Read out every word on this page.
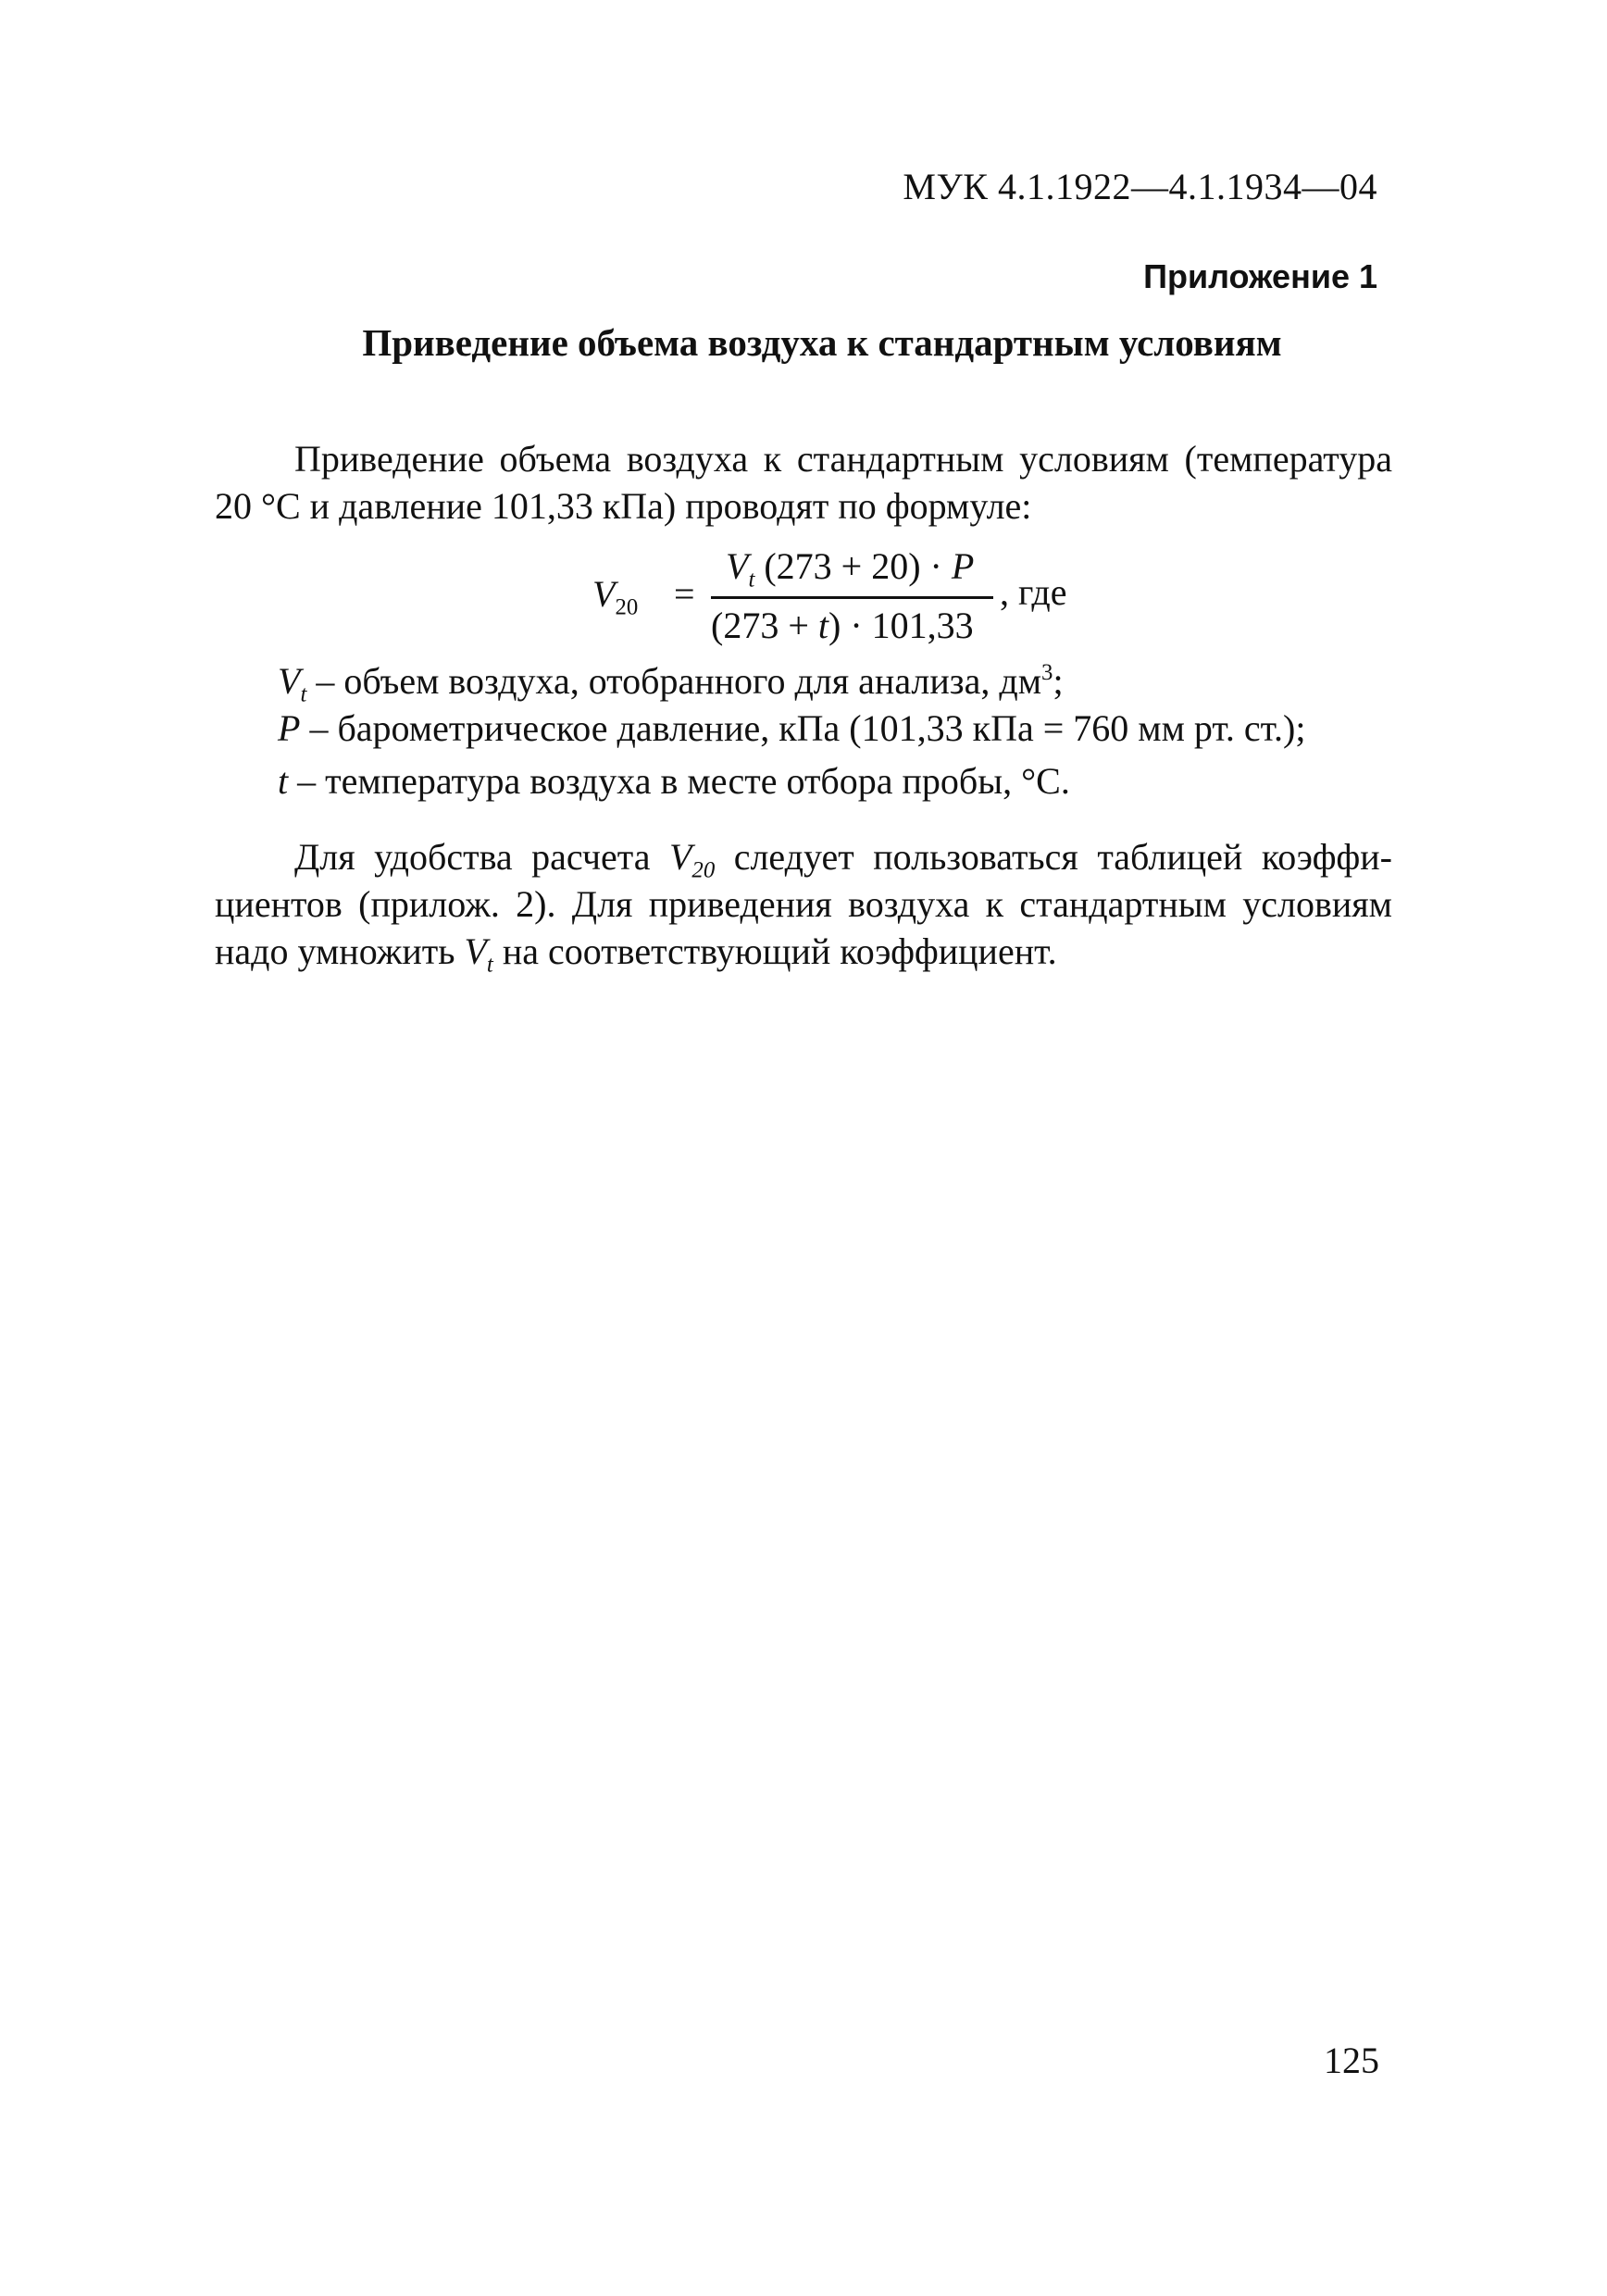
МУК 4.1.1922—4.1.1934—04
Приложение 1
Приведение объема воздуха к стандартным условиям
Приведение объема воздуха к стандартным условиям (температура
20 °С и давление 101,33 кПа) проводят по формуле:
$V_{20}$ =
$V_t$ (273 + 20) · P
(273 + t) · 101,33
, где
$V_t$ – объем воздуха, отобранного для анализа, $дм^3$;
P – барометрическое давление, кПа (101,33 кПа = 760 мм рт. ст.);
t – температура воздуха в месте отбора пробы, °С.
Для удобства расчета $V_{20}$ следует пользоваться таблицей коэффи-
циентов (прилож. 2). Для приведения воздуха к стандартным условиям
надо умножить $V_t$ на соответствующий коэффициент.
125
